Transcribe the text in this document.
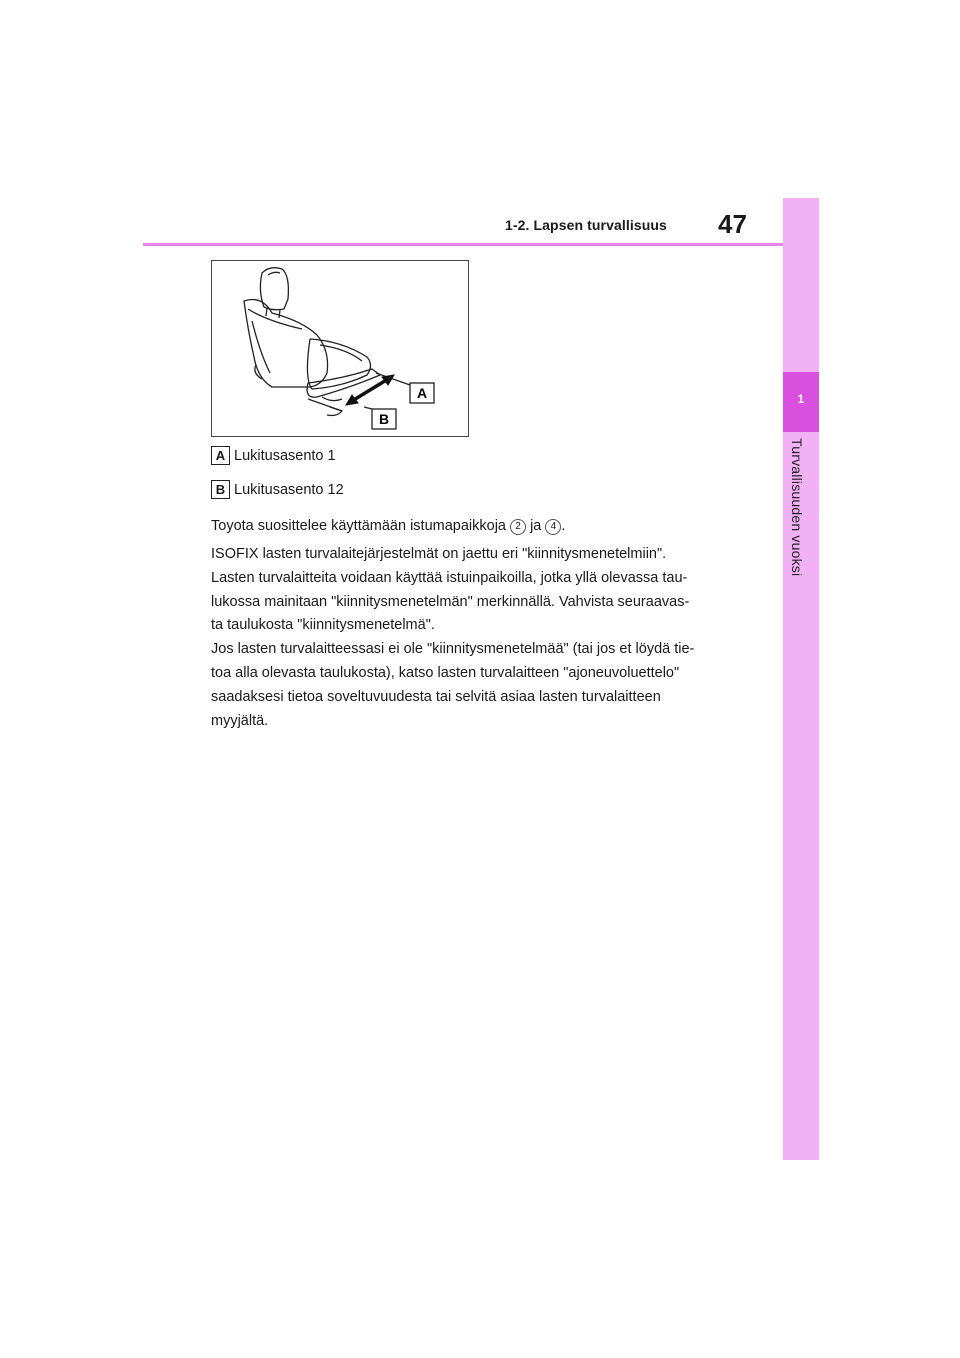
1-2. Lapsen turvallisuus 47
1
Turvallisuuden vuoksi
A
B
A Lukitusasento 1
B Lukitusasento 12
Toyota suosittelee käyttämään istumapaikkoja 2 ja 4 .
ISOFIX lasten turvalaitejärjestelmät on jaettu eri "kiinnitysmenetelmiin".
Lasten turvalaitteita voidaan käyttää istuinpaikoilla, jotka yllä olevassa tau-
lukossa mainitaan "kiinnitysmenetelmän" merkinnällä. Vahvista seuraavas-
ta taulukosta "kiinnitysmenetelmä".
Jos lasten turvalaitteessasi ei ole "kiinnitysmenetelmää" (tai jos et löydä tie-
toa alla olevasta taulukosta), katso lasten turvalaitteen "ajoneuvoluettelo"
saadaksesi tietoa soveltuvuudesta tai selvitä asiaa lasten turvalaitteen
myyjältä.
